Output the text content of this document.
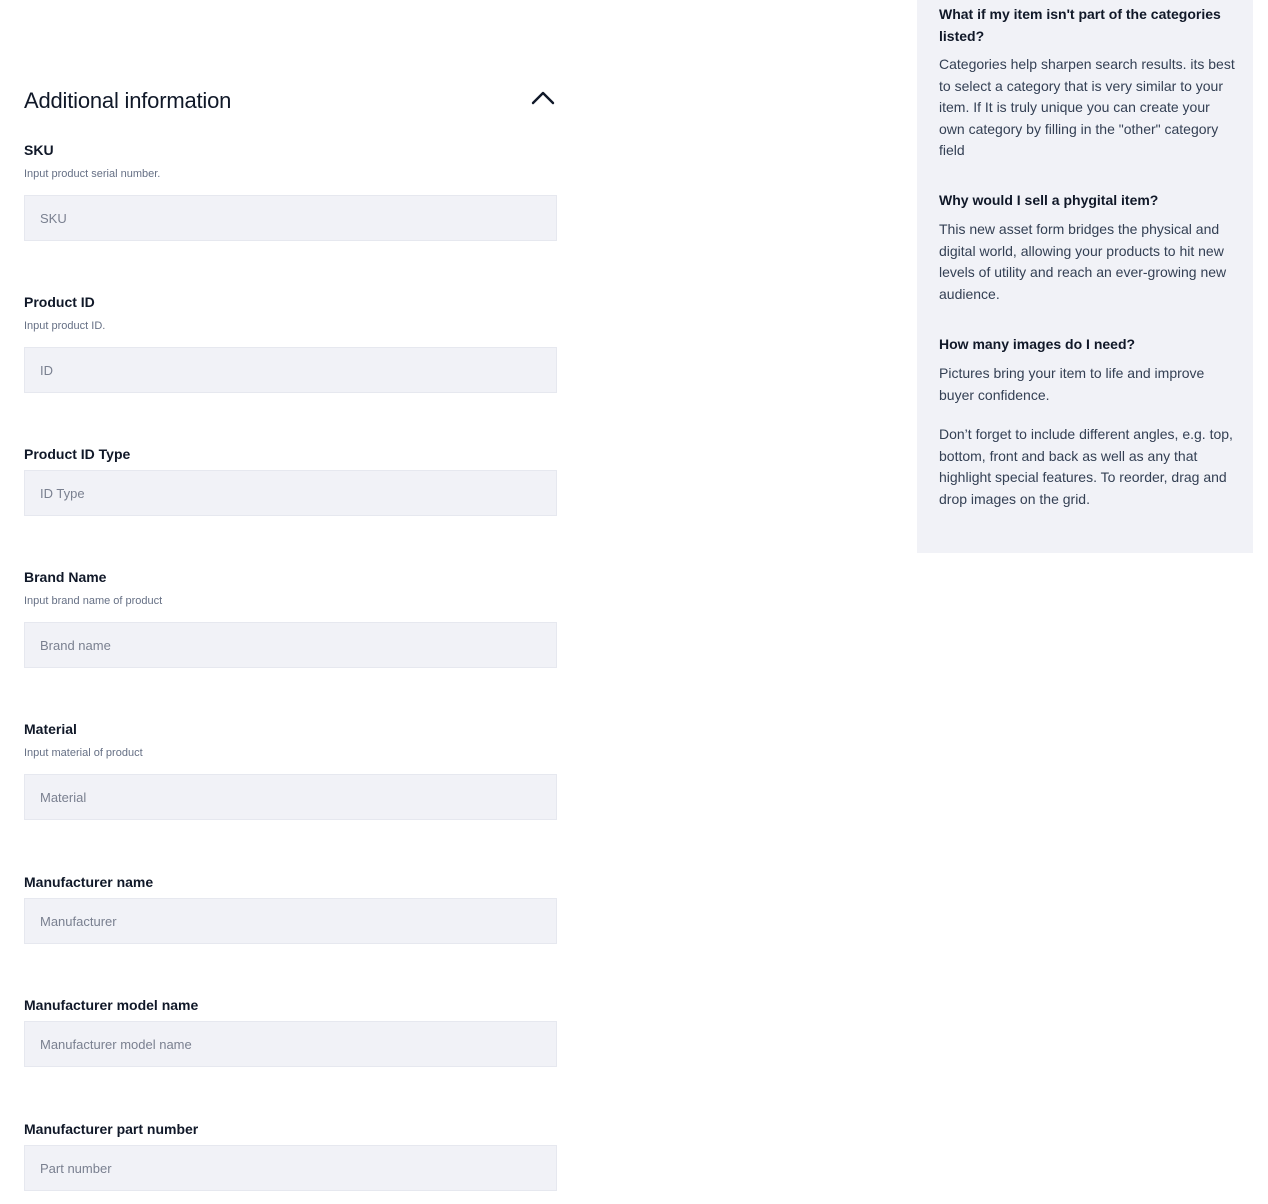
Additional information
SKU
Input product serial number.
SKU
Product ID
Input product ID.
ID
Product ID Type
ID Type
Brand Name
Input brand name of product
Brand name
Material
Input material of product
Material
Manufacturer name
Manufacturer
Manufacturer model name
Manufacturer model name
Manufacturer part number
Part number
What if my item isn't part of the categories listed?
Categories help sharpen search results. its best to select a category that is very similar to your item. If It is truly unique you can create your own category by filling in the "other" category field
Why would I sell a phygital item?
This new asset form bridges the physical and digital world, allowing your products to hit new levels of utility and reach an ever-growing new audience.
How many images do I need?
Pictures bring your item to life and improve buyer confidence.
Don’t forget to include different angles, e.g. top, bottom, front and back as well as any that highlight special features. To reorder, drag and drop images on the grid.
